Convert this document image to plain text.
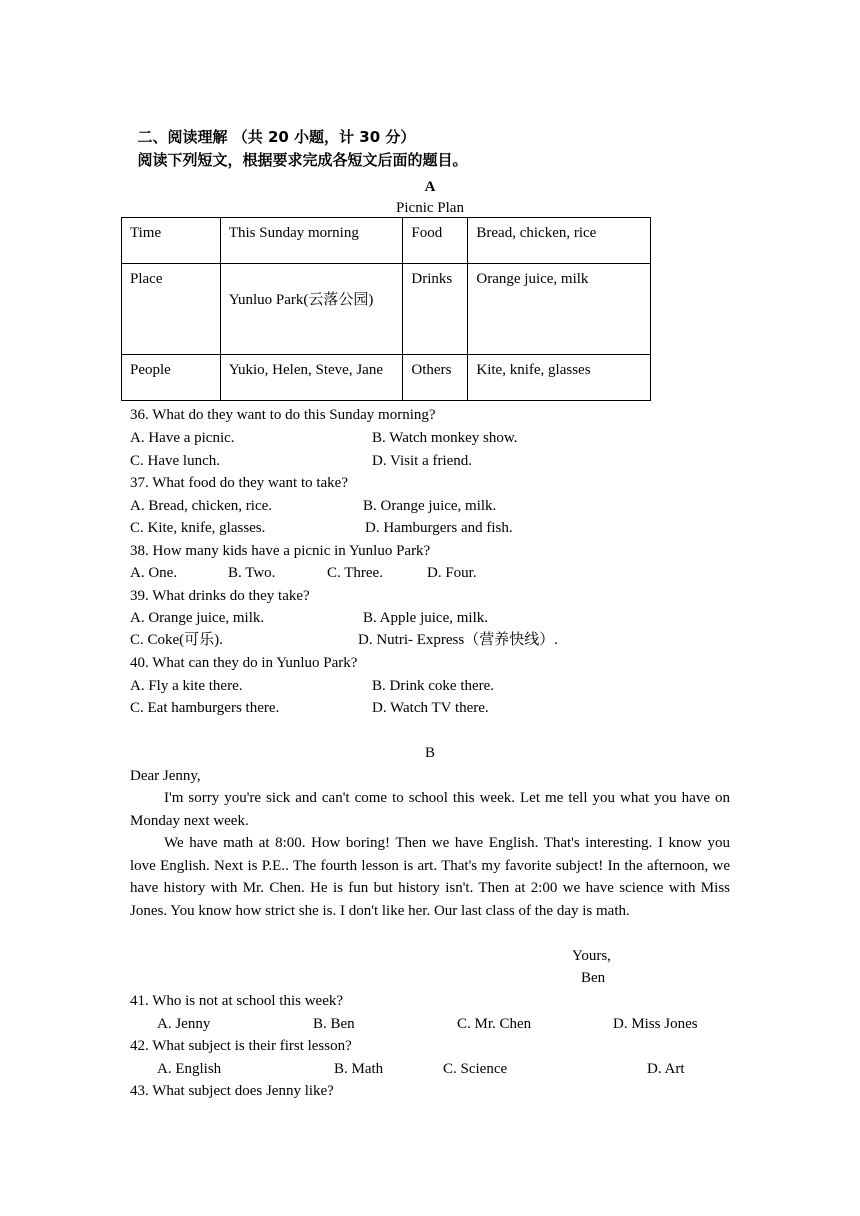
二、阅读理解 （共 20 小题，计 30 分）

阅读下列短文，根据要求完成各短文后面的题目。

A
Picnic Plan
Time	This Sunday morning	Food	Bread, chicken, rice
Place	Yunluo Park(云落公园)	Drinks	Orange juice, milk
People	Yukio, Helen, Steve, Jane	Others	Kite, knife, glasses
36. What do they want to do this Sunday morning?
A. Have a picnic.	B. Watch monkey show.
C. Have lunch.	D. Visit a friend.
37. What food do they want to take?
A. Bread, chicken, rice.	B. Orange juice, milk.
C. Kite, knife, glasses.	D. Hamburgers and fish.
38. How many kids have a picnic in Yunluo Park?
A. One.	B. Two.	C. Three.	D. Four.
39. What drinks do they take?
A. Orange juice, milk.	B. Apple juice, milk.
C. Coke(可乐).	D. Nutri- Express（营养快线）.
40. What can they do in Yunluo Park?
A. Fly a kite there.	B. Drink coke there.
C. Eat hamburgers there.	D. Watch TV there.
B
Dear Jenny,
I'm sorry you're sick and can't come to school this week. Let me tell you what you have on Monday next week.
We have math at 8:00. How boring! Then we have English. That's interesting. I know you love English. Next is P.E.. The fourth lesson is art. That's my favorite subject! In the afternoon, we have history with Mr. Chen. He is fun but history isn't. Then at 2:00 we have science with Miss Jones. You know how strict she is. I don't like her. Our last class of the day is math.
Yours,
Ben
41. Who is not at school this week?
A. Jenny	B. Ben	C. Mr. Chen	D. Miss Jones
42. What subject is their first lesson?
A. English	B. Math	C. Science	D. Art
43. What subject does Jenny like?
